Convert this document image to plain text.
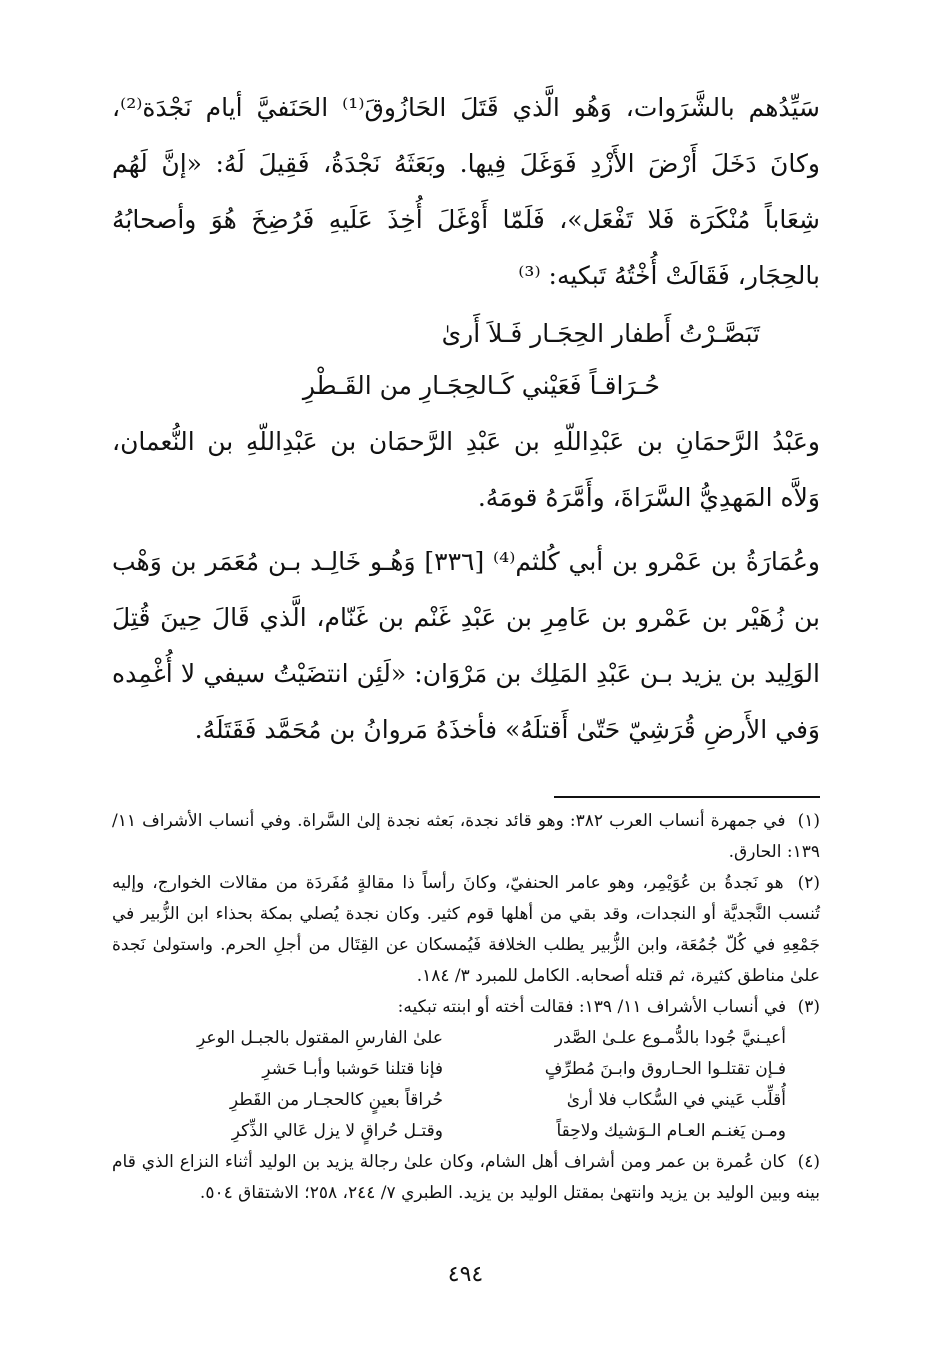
سَيِّدُهم بالشَّرَوات، وَهُو الَّذي قَتَلَ الحَازُوقَ⁽¹⁾ الحَنَفيَّ أيام نَجْدَة⁽²⁾، وكانَ دَخَلَ أَرْضَ الأَزْدِ فَوَغَلَ فِيها. وبَعَثَهُ نَجْدَةُ، فَقِيلَ لَهُ: «إنَّ لَهُم شِعَاباً مُنْكَرَة فَلا تَفْعَل»، فَلَمّا أَوْغَلَ أُخِذَ عَلَيهِ فَرُضِخَ هُوَ وأصحابُهُ بالحِجَار، فَقَالَتْ أُخْتُهُ تَبكيه: ⁽³⁾

تَبَصَّـرْتُ أَطفار الحِجَـار فَـلاَ أَرىٰ
حُـرَاقـاً فَعَيْني كَـالحِجَـارِ من القَـطْرِ

وعَبْدُ الرَّحمَانِ بن عَبْدِاللّهِ بن عَبْدِ الرَّحمَان بن عَبْدِاللّهِ بن النُّعمان، وَلاَّه المَهدِيُّ السَّرَاةَ، وأَمَّرَهُ قومَهُ.

وعُمَارَةُ بن عَمْرو بن أبي كُلثم⁽⁴⁾ [٣٣٦] وَهُـو خَالِـد بـن مُعَمَر بن وَهْب بن زُهَيْر بن عَمْرو بن عَامِرِ بن عَبْدِ غَنْم بن غَنّام، الَّذي قَالَ حِينَ قُتِلَ الوَلِيد بن يزيد بـن عَبْدِ المَلِك بن مَرْوَان: «لَئِن انتضَيْتُ سيفي لا أُغْمِده وَفي الأَرضِ قُرَشِيّ حَتّىٰ أَقتلَهُ» فأخذَهُ مَروانُ بن مُحَمَّد فَقَتَلَهُ.

(١) في جمهرة أنساب العرب ٣٨٢: وهو قائد نجدة، بَعثه نجدة إلىٰ السَّراة. وفي أنساب الأشراف ١١/ ١٣٩: الحارق.

(٢) هو نَجدةُ بن عُوَيْمِر، وهو عامر الحنفيّ، وكانَ رأساً ذا مقالةٍ مُفَردَة من مقالات الخوارج، وإليه تُنسب النَّجديَّة أو النجدات، وقد بقي من أهلها قوم كثير. وكان نجدة يُصلي بمكة بحذاء ابن الزُّبير في جَمْعِهِ في كُلّ جُمُعَة، وابن الزُّبير يطلب الخلافة فَيُمسكان عن القِتَال من أجلِ الحرم. واستولىٰ نَجدة علىٰ مناطق كثيرة، ثم قتله أصحابه. الكامل للمبرد ٣/ ١٨٤.

(٣) في أنساب الأشراف ١١/ ١٣٩: فقالت أخته أو ابنته تبكيه:

أعيـنيَّ جُودا بالدُّمـوع علـىٰ الصَّدر
علىٰ الفارسِ المقتول بالجبـل الوعرِ
فـإن تقتلـوا الحـاروق وابـنَ مُطرِّفٍ
فإنا قتلنا حَوشبا وأبـا حَشرِ
أُقلِّب عَيني في السُّكاب فلا أرىٰ
حُراقاً بعينٍ كالحجـار من القَطرِ
ومـن يَغنـم العـام الـوَشيك ولاحِقاً
وقتـل حُراقٍ لا يزل عَالي الذِّكرِ

(٤) كان عُمرة بن عمر ومن أشراف أهل الشام، وكان علىٰ رجالة يزيد بن الوليد أثناء النزاع الذي قام بينه وبين الوليد بن يزيد وانتهىٰ بمقتل الوليد بن يزيد. الطبري ٧/ ٢٤٤، ٢٥٨؛ الاشتقاق ٥٠٤.

٤٩٤
